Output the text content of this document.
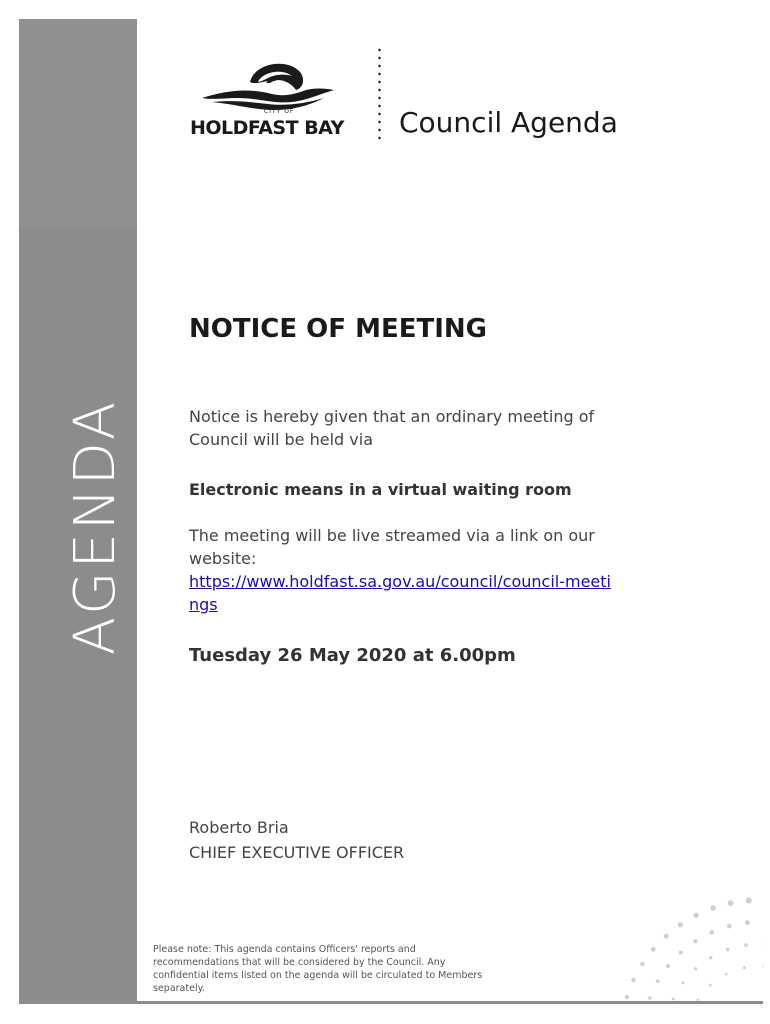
AGENDA
CITY OF
HOLDFAST BAY Council Agenda
NOTICE OF MEETING
Notice is hereby given that an ordinary meeting of Council will be held via
Electronic means in a virtual waiting room
The meeting will be live streamed via a link on our website:
https://www.holdfast.sa.gov.au/council/council-meetings
Tuesday 26 May 2020 at 6.00pm
Roberto Bria
CHIEF EXECUTIVE OFFICER
Please note: This agenda contains Officers' reports and recommendations that will be considered by the Council. Any confidential items listed on the agenda will be circulated to Members separately.
